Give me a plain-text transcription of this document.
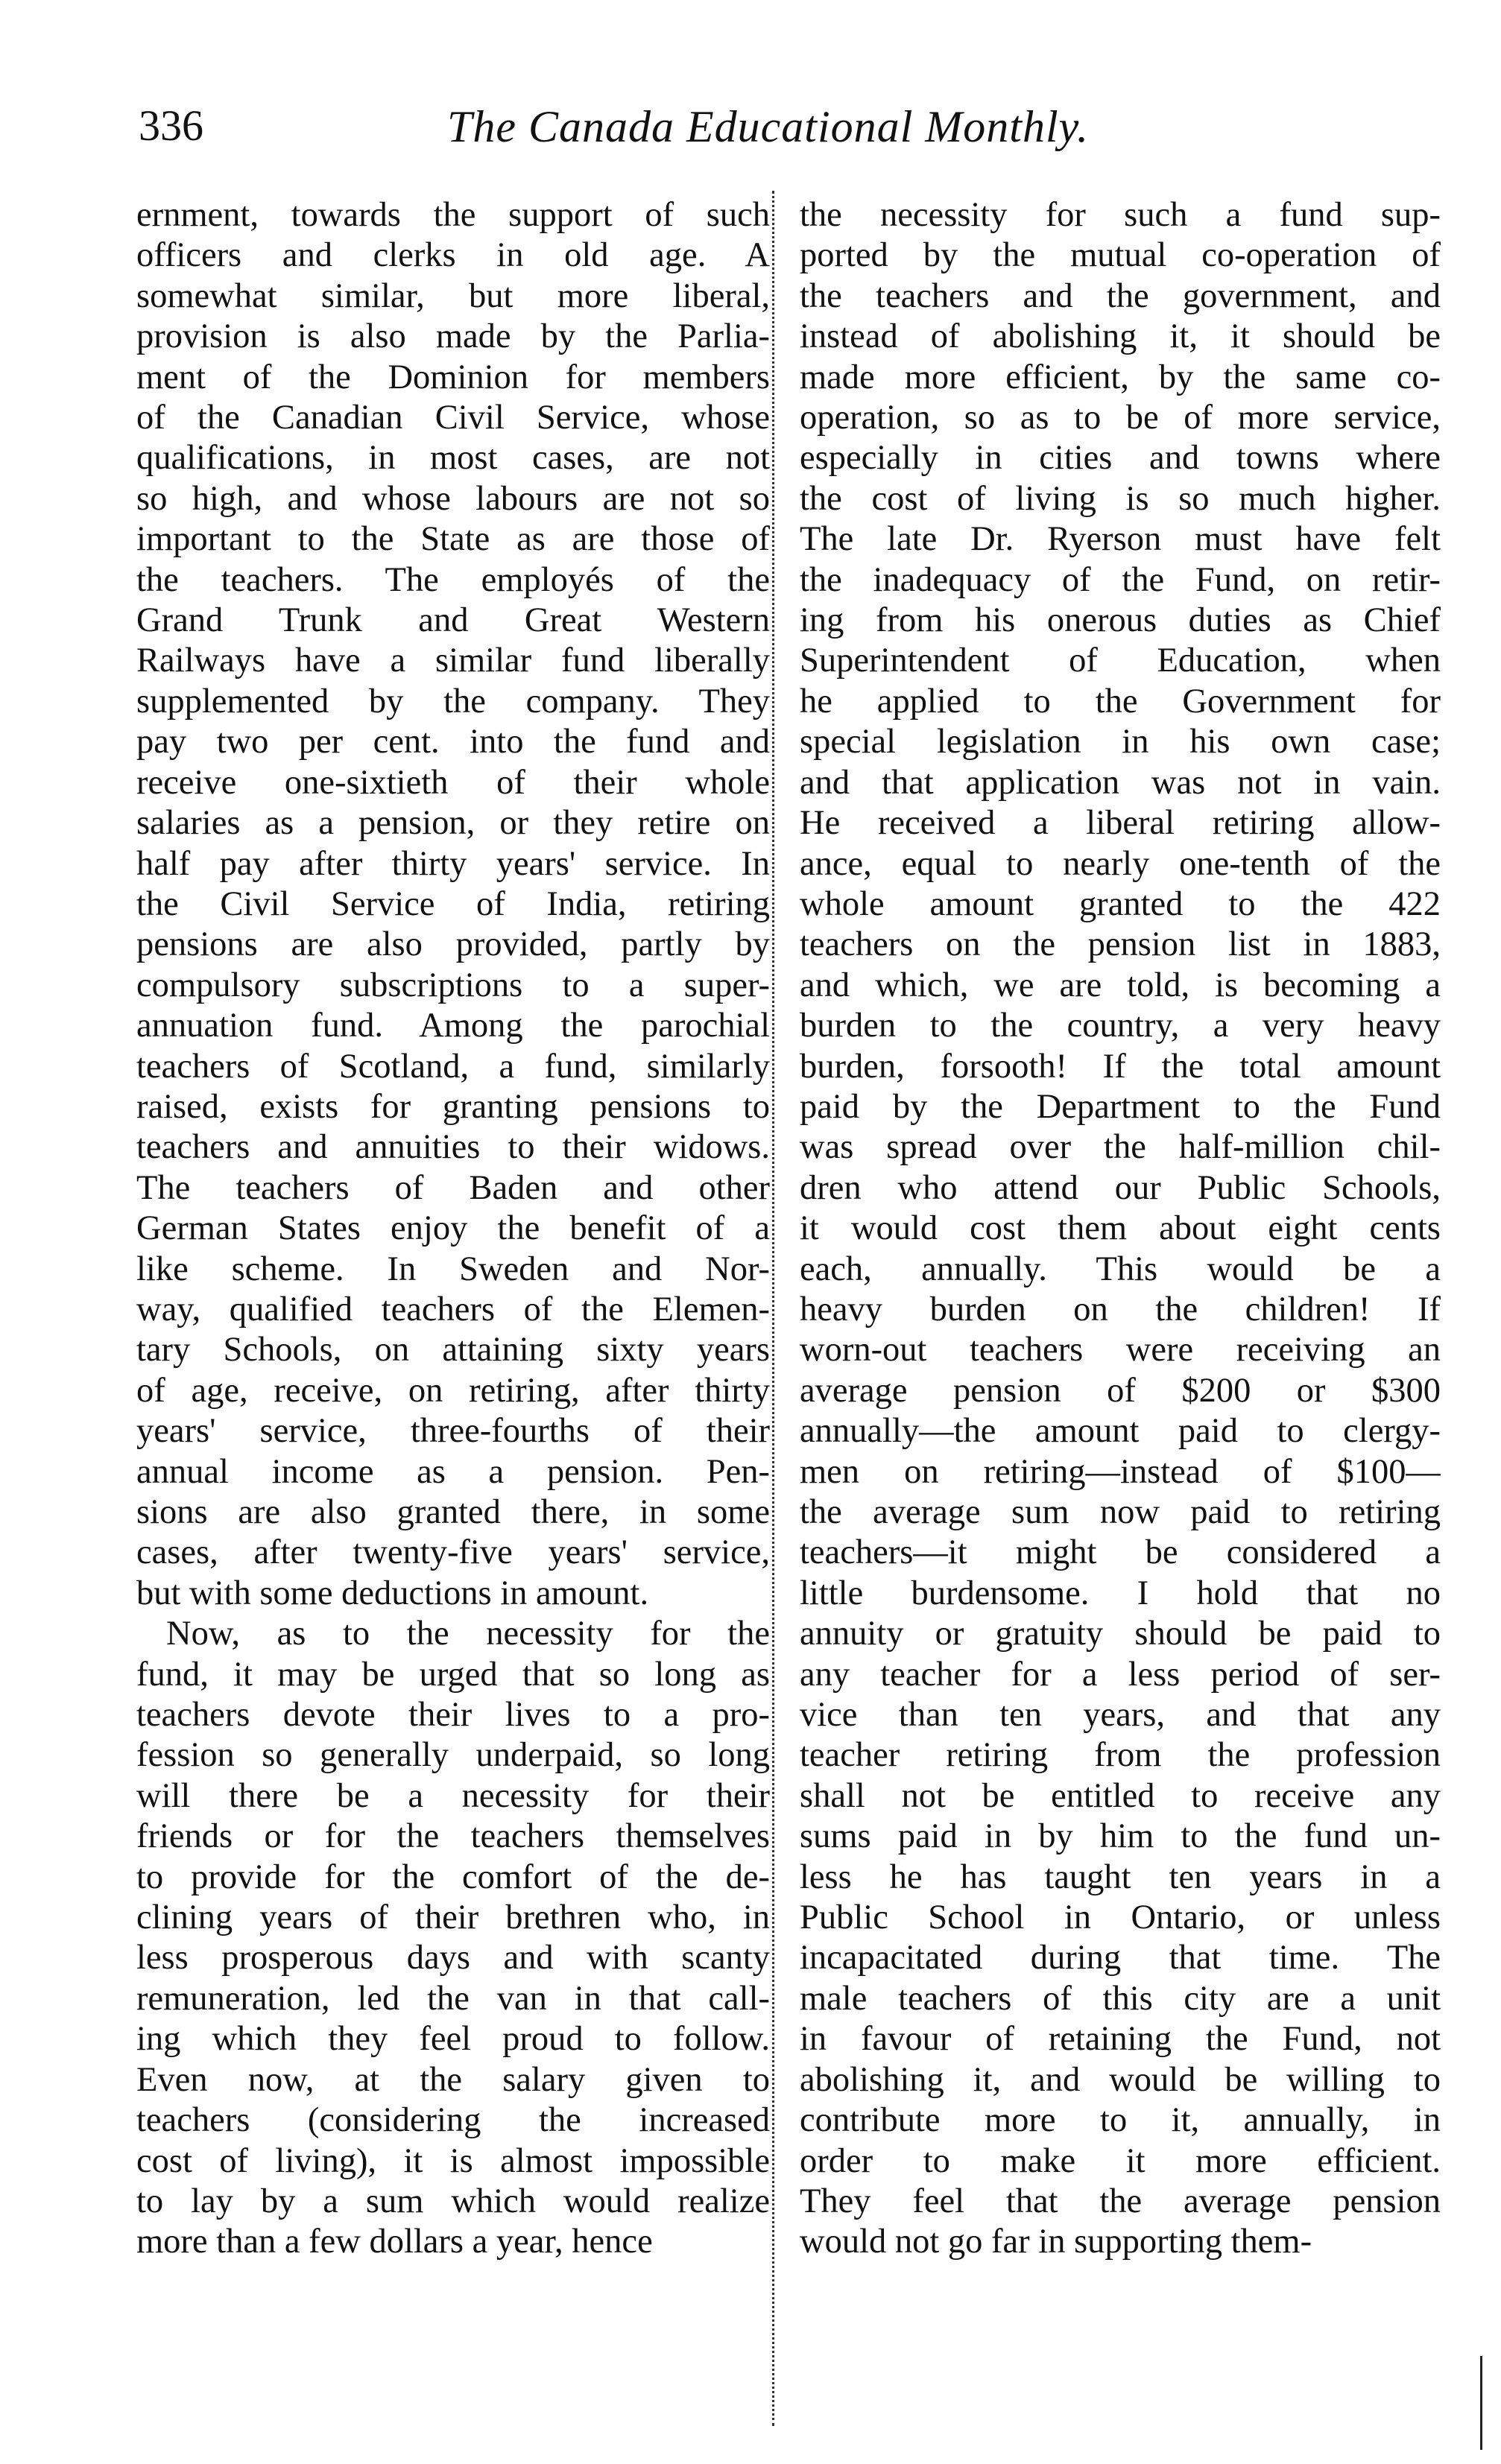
336	The Canada Educational Monthly.
ernment, towards the support of such
officers and clerks in old age. A
somewhat similar, but more liberal,
provision is also made by the Parlia-
ment of the Dominion for members
of the Canadian Civil Service, whose
qualifications, in most cases, are not
so high, and whose labours are not so
important to the State as are those of
the teachers. The employés of the
Grand Trunk and Great Western
Railways have a similar fund liberally
supplemented by the company. They
pay two per cent. into the fund and
receive one-sixtieth of their whole
salaries as a pension, or they retire on
half pay after thirty years' service. In
the Civil Service of India, retiring
pensions are also provided, partly by
compulsory subscriptions to a super-
annuation fund. Among the parochial
teachers of Scotland, a fund, similarly
raised, exists for granting pensions to
teachers and annuities to their widows.
The teachers of Baden and other
German States enjoy the benefit of a
like scheme. In Sweden and Nor-
way, qualified teachers of the Elemen-
tary Schools, on attaining sixty years
of age, receive, on retiring, after thirty
years' service, three-fourths of their
annual income as a pension. Pen-
sions are also granted there, in some
cases, after twenty-five years' service,
but with some deductions in amount.
Now, as to the necessity for the
fund, it may be urged that so long as
teachers devote their lives to a pro-
fession so generally underpaid, so long
will there be a necessity for their
friends or for the teachers themselves
to provide for the comfort of the de-
clining years of their brethren who, in
less prosperous days and with scanty
remuneration, led the van in that call-
ing which they feel proud to follow.
Even now, at the salary given to
teachers (considering the increased
cost of living), it is almost impossible
to lay by a sum which would realize
more than a few dollars a year, hence
the necessity for such a fund sup-
ported by the mutual co-operation of
the teachers and the government, and
instead of abolishing it, it should be
made more efficient, by the same co-
operation, so as to be of more service,
especially in cities and towns where
the cost of living is so much higher.
The late Dr. Ryerson must have felt
the inadequacy of the Fund, on retir-
ing from his onerous duties as Chief
Superintendent of Education, when
he applied to the Government for
special legislation in his own case;
and that application was not in vain.
He received a liberal retiring allow-
ance, equal to nearly one-tenth of the
whole amount granted to the 422
teachers on the pension list in 1883,
and which, we are told, is becoming a
burden to the country, a very heavy
burden, forsooth! If the total amount
paid by the Department to the Fund
was spread over the half-million chil-
dren who attend our Public Schools,
it would cost them about eight cents
each, annually. This would be a
heavy burden on the children! If
worn-out teachers were receiving an
average pension of $200 or $300
annually—the amount paid to clergy-
men on retiring—instead of $100—
the average sum now paid to retiring
teachers—it might be considered a
little burdensome. I hold that no
annuity or gratuity should be paid to
any teacher for a less period of ser-
vice than ten years, and that any
teacher retiring from the profession
shall not be entitled to receive any
sums paid in by him to the fund un-
less he has taught ten years in a
Public School in Ontario, or unless
incapacitated during that time. The
male teachers of this city are a unit
in favour of retaining the Fund, not
abolishing it, and would be willing to
contribute more to it, annually, in
order to make it more efficient.
They feel that the average pension
would not go far in supporting them-
